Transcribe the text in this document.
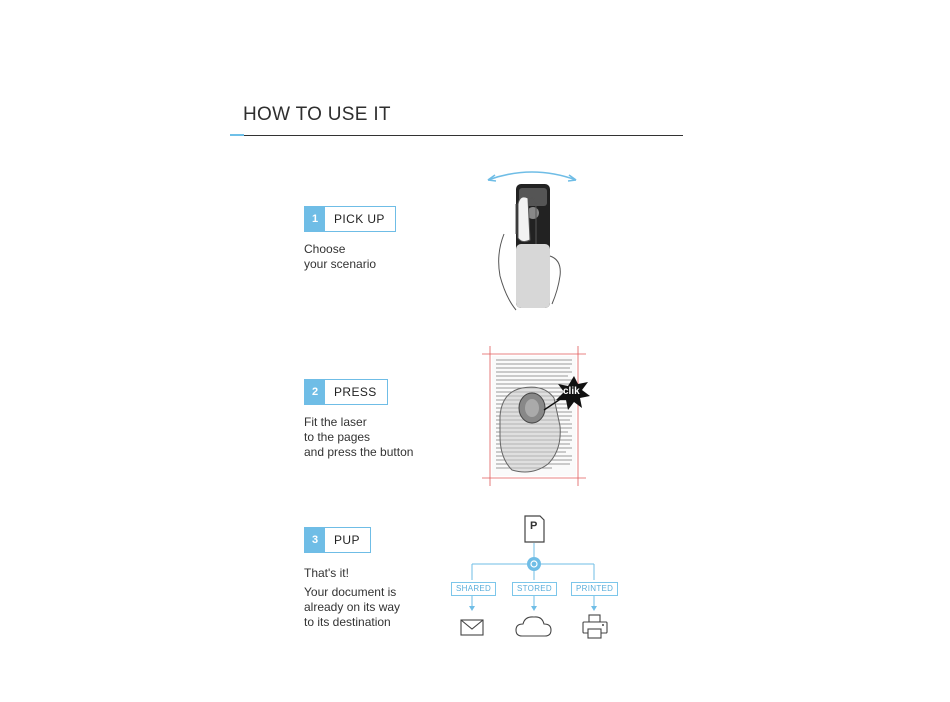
HOW TO USE IT
1	PICK UP
Choose
your scenario
2	PRESS
Fit the laser
to the pages
and press the button
clik
3	PUP
That's it!
Your document is
already on its way
to its destination
P
SHARED	STORED	PRINTED
